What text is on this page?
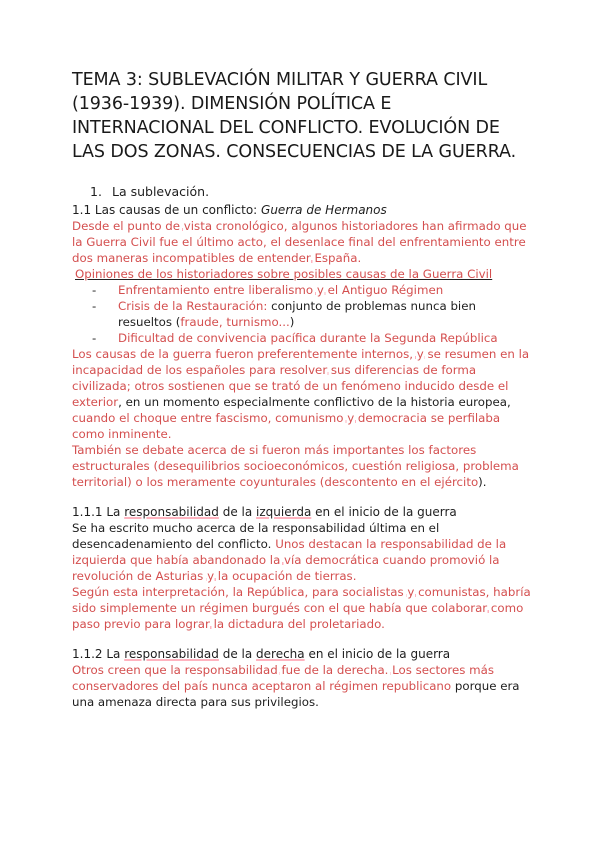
TEMA 3: SUBLEVACIÓN MILITAR Y GUERRA CIVIL (1936-1939). DIMENSIÓN POLÍTICA E INTERNACIONAL DEL CONFLICTO. EVOLUCIÓN DE LAS DOS ZONAS. CONSECUENCIAS DE LA GUERRA.
1. La sublevación.
1.1 Las causas de un conflicto: Guerra de Hermanos

Desde el punto de vista cronológico, algunos historiadores han afirmado que la Guerra Civil fue el último acto, el desenlace final del enfrentamiento entre dos maneras incompatibles de entender España.

Opiniones de los historiadores sobre posibles causas de la Guerra Civil

- Enfrentamiento entre liberalismo y el Antiguo Régimen
- Crisis de la Restauración: conjunto de problemas nunca bien resueltos (fraude, turnismo...)
- Dificultad de convivencia pacífica durante la Segunda República

Los causas de la guerra fueron preferentemente internos, y se resumen en la incapacidad de los españoles para resolver sus diferencias de forma civilizada; otros sostienen que se trató de un fenómeno inducido desde el exterior, en un momento especialmente conflictivo de la historia europea, cuando el choque entre fascismo, comunismo y democracia se perfilaba como inminente.

También se debate acerca de si fueron más importantes los factores estructurales (desequilibrios socioeconómicos, cuestión religiosa, problema territorial) o los meramente coyunturales (descontento en el ejército).

1.1.1 La responsabilidad de la izquierda en el inicio de la guerra

Se ha escrito mucho acerca de la responsabilidad última en el desencadenamiento del conflicto. Unos destacan la responsabilidad de la izquierda que había abandonado la vía democrática cuando promovió la revolución de Asturias y la ocupación de tierras.

Según esta interpretación, la República, para socialistas y comunistas, habría sido simplemente un régimen burgués con el que había que colaborar como paso previo para lograr la dictadura del proletariado.

1.1.2 La responsabilidad de la derecha en el inicio de la guerra

Otros creen que la responsabilidad fue de la derecha. Los sectores más conservadores del país nunca aceptaron al régimen republicano porque era una amenaza directa para sus privilegios.
